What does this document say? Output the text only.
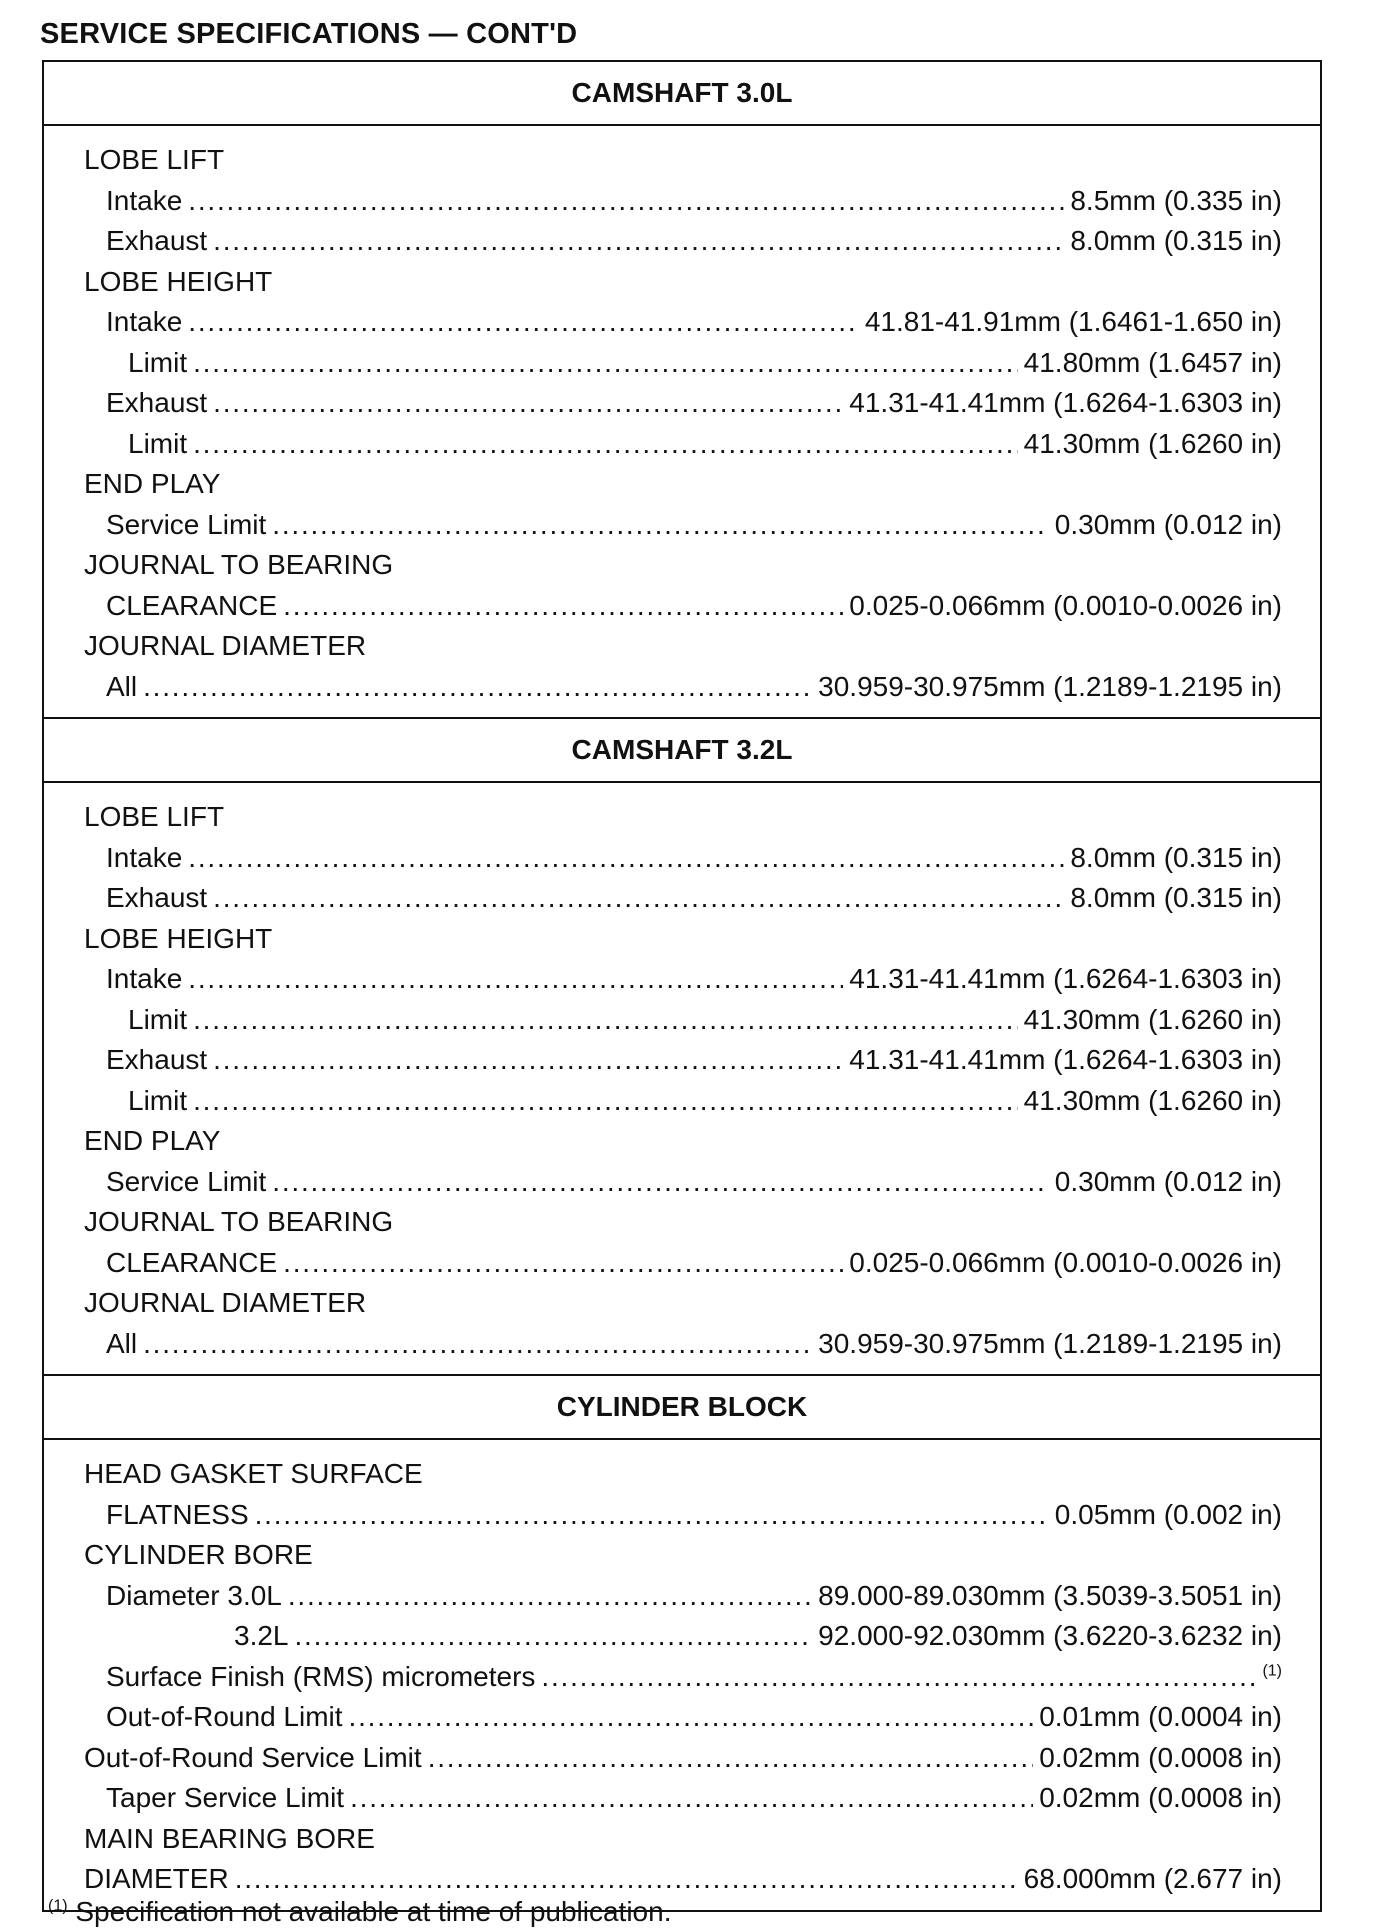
SERVICE SPECIFICATIONS — CONT'D
CAMSHAFT 3.0L
LOBE LIFT
Intake . . .	8.5mm (0.335 in)
Exhaust . . .	8.0mm (0.315 in)
LOBE HEIGHT
Intake . . .	41.81-41.91mm (1.6461-1.650 in)
Limit . . .	41.80mm (1.6457 in)
Exhaust . . .	41.31-41.41mm (1.6264-1.6303 in)
Limit . . .	41.30mm (1.6260 in)
END PLAY
Service Limit . . .	0.30mm (0.012 in)
JOURNAL TO BEARING
CLEARANCE . . .	0.025-0.066mm (0.0010-0.0026 in)
JOURNAL DIAMETER
All . . .	30.959-30.975mm (1.2189-1.2195 in)
CAMSHAFT 3.2L
LOBE LIFT
Intake . . .	8.0mm (0.315 in)
Exhaust . . .	8.0mm (0.315 in)
LOBE HEIGHT
Intake . . .	41.31-41.41mm (1.6264-1.6303 in)
Limit . . .	41.30mm (1.6260 in)
Exhaust . . .	41.31-41.41mm (1.6264-1.6303 in)
Limit . . .	41.30mm (1.6260 in)
END PLAY
Service Limit . . .	0.30mm (0.012 in)
JOURNAL TO BEARING
CLEARANCE . . .	0.025-0.066mm (0.0010-0.0026 in)
JOURNAL DIAMETER
All . . .	30.959-30.975mm (1.2189-1.2195 in)
CYLINDER BLOCK
HEAD GASKET SURFACE
FLATNESS . . .	0.05mm (0.002 in)
CYLINDER BORE
Diameter 3.0L . . .	89.000-89.030mm (3.5039-3.5051 in)
3.2L . . .	92.000-92.030mm (3.6220-3.6232 in)
Surface Finish (RMS) micrometers . . .	$^{(1)}$
Out-of-Round Limit . . .	0.01mm (0.0004 in)
Out-of-Round Service Limit . . .	0.02mm (0.0008 in)
Taper Service Limit . . .	0.02mm (0.0008 in)
MAIN BEARING BORE
DIAMETER . . .	68.000mm (2.677 in)
$^{(1)}$ Specification not available at time of publication.
